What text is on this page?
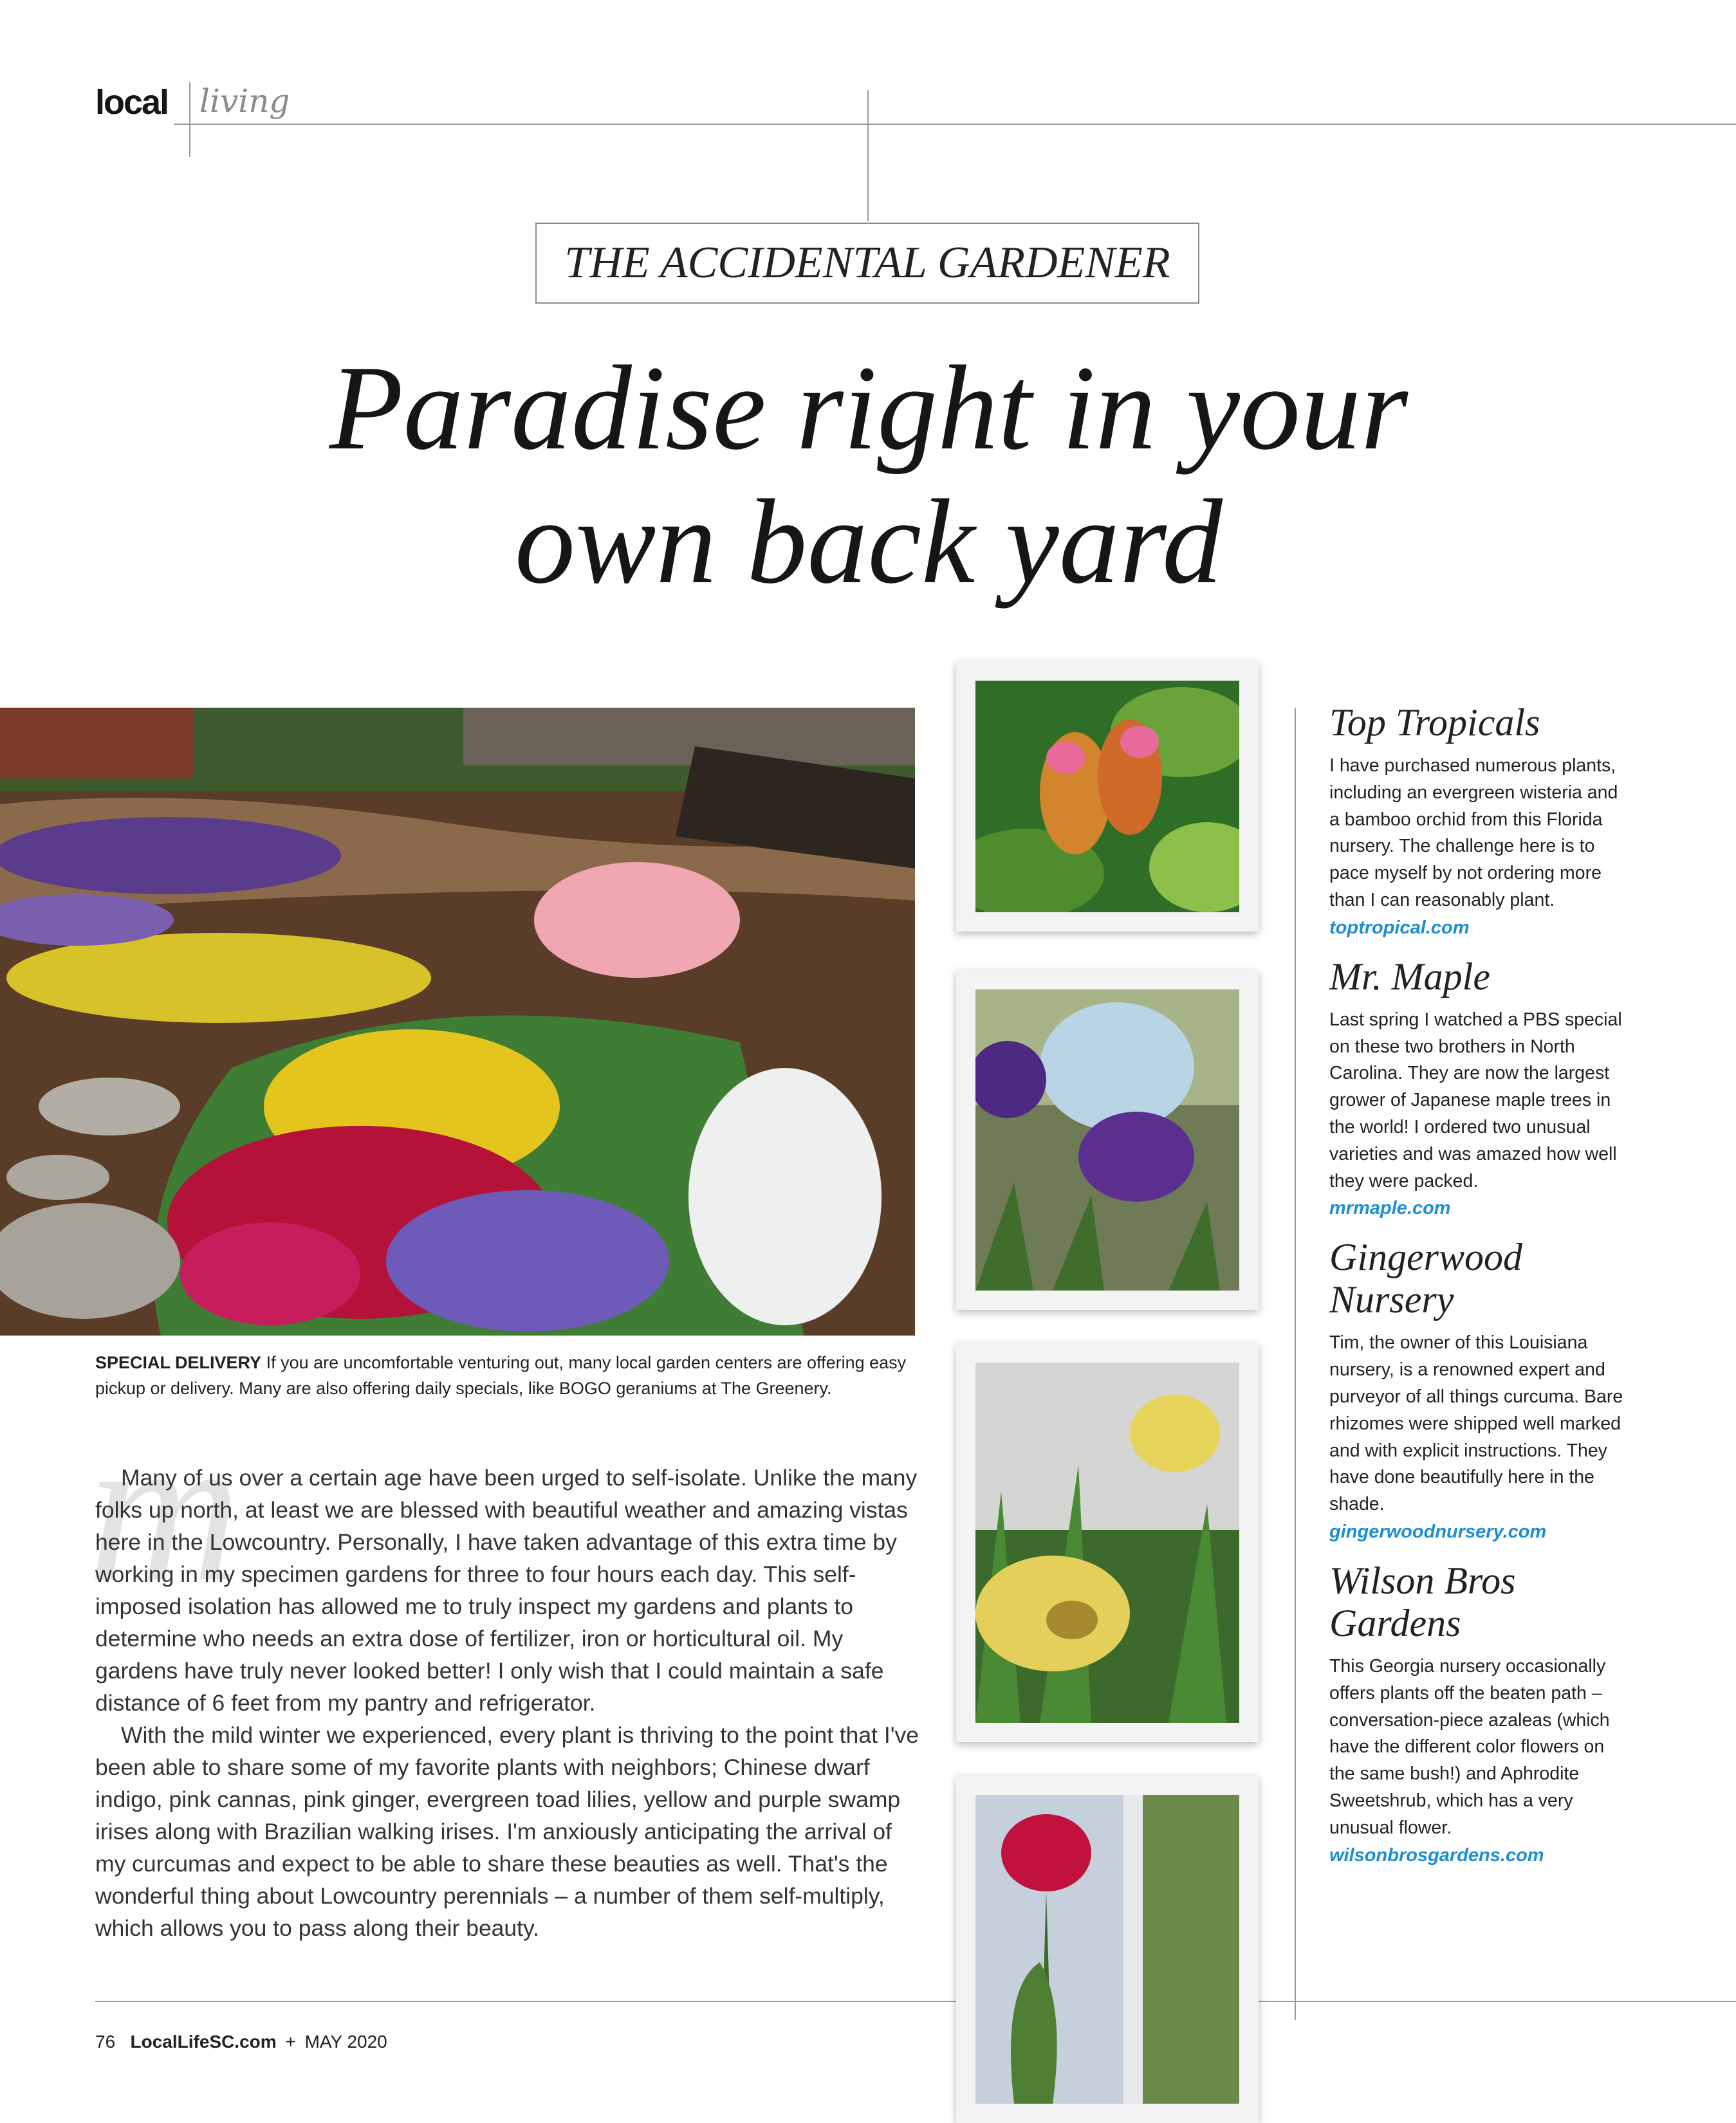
local living
THE ACCIDENTAL GARDENER
Paradise right in your
own back yard
SPECIAL DELIVERY If you are uncomfortable venturing out, many local garden centers are offering easy pickup or delivery. Many are also offering daily specials, like BOGO geraniums at The Greenery.
m

Many of us over a certain age have been urged to self-isolate. Unlike the many folks up north, at least we are blessed with beautiful weather and amazing vistas here in the Lowcountry. Personally, I have taken advantage of this extra time by working in my specimen gardens for three to four hours each day. This self-imposed isolation has allowed me to truly inspect my gardens and plants to determine who needs an extra dose of fertilizer, iron or horticultural oil. My gardens have truly never looked better! I only wish that I could maintain a safe distance of 6 feet from my pantry and refrigerator.

With the mild winter we experienced, every plant is thriving to the point that I've been able to share some of my favorite plants with neighbors; Chinese dwarf indigo, pink cannas, pink ginger, evergreen toad lilies, yellow and purple swamp irises along with Brazilian walking irises. I'm anxiously anticipating the arrival of my curcumas and expect to be able to share these beauties as well. That's the wonderful thing about Lowcountry perennials – a number of them self-multiply, which allows you to pass along their beauty.

Top Tropicals

I have purchased numerous plants, including an evergreen wisteria and a bamboo orchid from this Florida nursery. The challenge here is to pace myself by not ordering more than I can reasonably plant.

toptropical.com
Mr. Maple

Last spring I watched a PBS special on these two brothers in North Carolina. They are now the largest grower of Japanese maple trees in the world! I ordered two unusual varieties and was amazed how well they were packed.

mrmaple.com
Gingerwood Nursery

Tim, the owner of this Louisiana nursery, is a renowned expert and purveyor of all things curcuma. Bare rhizomes were shipped well marked and with explicit instructions. They have done beautifully here in the shade.

gingerwoodnursery.com
Wilson Bros Gardens

This Georgia nursery occasionally offers plants off the beaten path – conversation-piece azaleas (which have the different color flowers on the same bush!) and Aphrodite Sweetshrub, which has a very unusual flower.

wilsonbrosgardens.com
76 LocalLifeSC.com + MAY 2020
